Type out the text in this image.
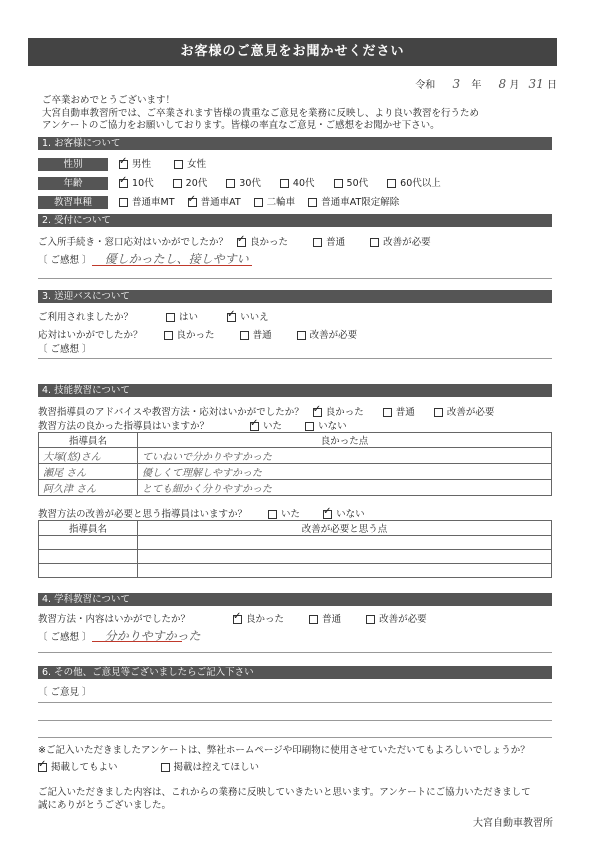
お客様のご意見をお聞かせください
令和 3 年 8 月 31 日
ご卒業おめでとうございます！
大宮自動車教習所では、ご卒業されます皆様の貴重なご意見を業務に反映し、より良い教習を行うため
アンケートのご協力をお願いしております。皆様の率直なご意見・ご感想をお聞かせ下さい。
1. お客様について
性別 ✓	男性	女性
年齢 ✓	10代	20代	30代	40代	50代	60代以上
教習車種	普通車MT ✓	普通車AT	二輪車	普通車AT限定解除
2. 受付について
ご入所手続き・窓口応対はいかがでしたか？ ✓ 良かった	普通	改善が必要
〔 ご感想 〕 優しかったし、接しやすい
3. 送迎バスについて
ご利用されましたか？	はい ✓	いいえ
応対はいかがでしたか？	良かった	普通	改善が必要
〔 ご感想 〕
4. 技能教習について
教習指導員のアドバイスや教習方法・応対はいかがでしたか？ ✓ 良かった	普通	改善が必要
教習方法の良かった指導員はいますか？ ✓	いた	いない
指導員名	良かった点
大塚(悠)さん	ていねいで分かりやすかった
瀬尾 さん	優しくて理解しやすかった
阿久津 さん	とても細かく分りやすかった
教習方法の改善が必要と思う指導員はいますか？	いた ✓	いない
指導員名	改善が必要と思う点

4. 学科教習について
教習方法・内容はいかがでしたか？ ✓	良かった	普通	改善が必要
〔 ご感想 〕 分かりやすかった
6. その他、ご意見等ございましたらご記入下さい
〔 ご意見 〕
※ご記入いただきましたアンケートは、弊社ホームページや印刷物に使用させていただいてもよろしいでしょうか？
✓掲載してもよい	掲載は控えてほしい
ご記入いただきました内容は、これからの業務に反映していきたいと思います。アンケートにご協力いただきまして
誠にありがとうございました。
大宮自動車教習所
